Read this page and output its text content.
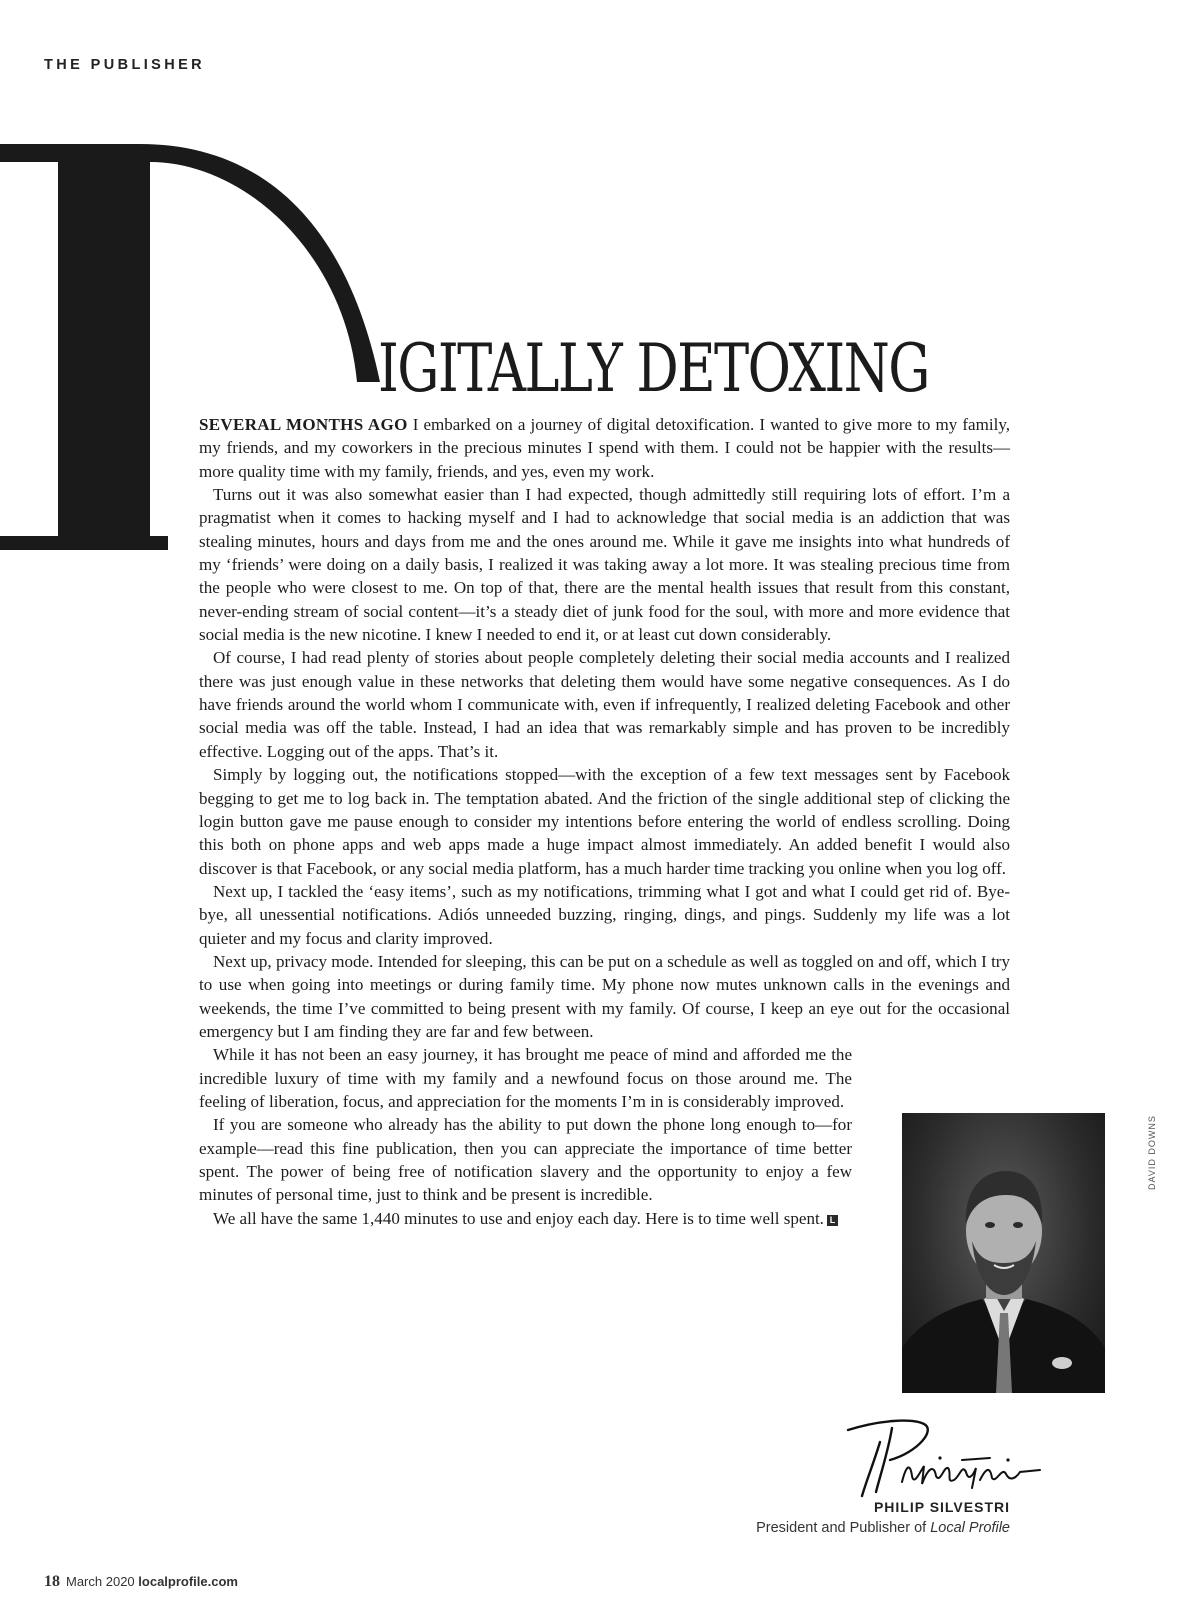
THE PUBLISHER
IGITALLY DETOXING

SEVERAL MONTHS AGO I embarked on a journey of digital detoxification. I wanted to give more to my family, my friends, and my coworkers in the precious minutes I spend with them. I could not be happier with the results—more quality time with my family, friends, and yes, even my work.

Turns out it was also somewhat easier than I had expected, though admittedly still requiring lots of effort. I’m a pragmatist when it comes to hacking myself and I had to acknowledge that social media is an addiction that was stealing minutes, hours and days from me and the ones around me. While it gave me insights into what hundreds of my ‘friends’ were doing on a daily basis, I realized it was taking away a lot more. It was stealing precious time from the people who were closest to me. On top of that, there are the mental health issues that result from this constant, never-ending stream of social content—it’s a steady diet of junk food for the soul, with more and more evidence that social media is the new nicotine. I knew I needed to end it, or at least cut down considerably.

Of course, I had read plenty of stories about people completely deleting their social media accounts and I realized there was just enough value in these networks that deleting them would have some negative consequences. As I do have friends around the world whom I communicate with, even if infrequently, I realized deleting Facebook and other social media was off the table. Instead, I had an idea that was remarkably simple and has proven to be incredibly effective. Logging out of the apps. That’s it.

Simply by logging out, the notifications stopped—with the exception of a few text messages sent by Facebook begging to get me to log back in. The temptation abated. And the friction of the single additional step of clicking the login button gave me pause enough to consider my intentions before entering the world of endless scrolling. Doing this both on phone apps and web apps made a huge impact almost immediately. An added benefit I would also discover is that Facebook, or any social media platform, has a much harder time tracking you online when you log off.

Next up, I tackled the ‘easy items’, such as my notifications, trimming what I got and what I could get rid of. Bye-bye, all unessential notifications. Adiós unneeded buzzing, ringing, dings, and pings. Suddenly my life was a lot quieter and my focus and clarity improved.

Next up, privacy mode. Intended for sleeping, this can be put on a schedule as well as toggled on and off, which I try to use when going into meetings or during family time. My phone now mutes unknown calls in the evenings and weekends, the time I’ve committed to being present with my family. Of course, I keep an eye out for the occasional emergency but I am finding they are far and few between.

While it has not been an easy journey, it has brought me peace of mind and afforded me the incredible luxury of time with my family and a newfound focus on those around me. The feeling of liberation, focus, and appreciation for the moments I’m in is considerably improved.

If you are someone who already has the ability to put down the phone long enough to—for example—read this fine publication, then you can appreciate the importance of time better spent. The power of being free of notification slavery and the opportunity to enjoy a few minutes of personal time, just to think and be present is incredible.

We all have the same 1,440 minutes to use and enjoy each day. Here is to time well spent. L

DAVID DOWNS
PHILIP SILVESTRI
President and Publisher of Local Profile
18 March 2020 localprofile.com
